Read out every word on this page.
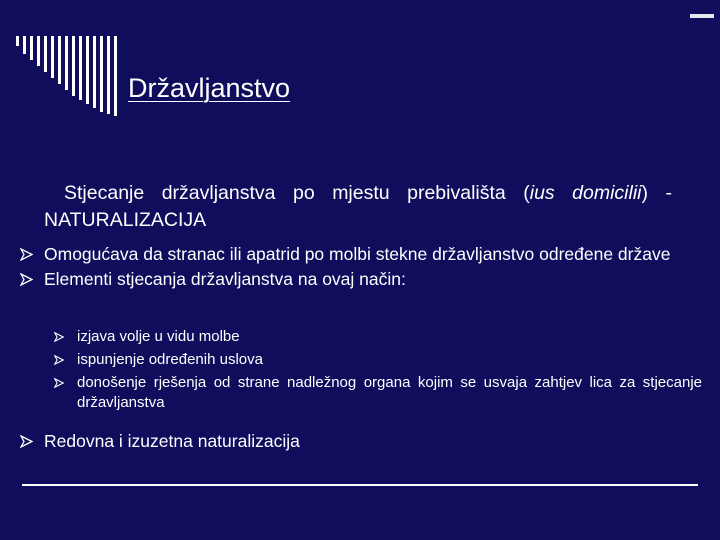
Državljanstvo
Stjecanje državljanstva po mjestu prebivališta (ius domicilii) - NATURALIZACIJA
Omogućava da stranac ili apatrid po molbi stekne državljanstvo određene države
Elementi stjecanja državljanstva na ovaj način:
izjava volje u vidu molbe
ispunjenje određenih uslova
donošenje rješenja od strane nadležnog organa kojim se usvaja zahtjev lica za stjecanje državljanstva
Redovna i izuzetna naturalizacija
